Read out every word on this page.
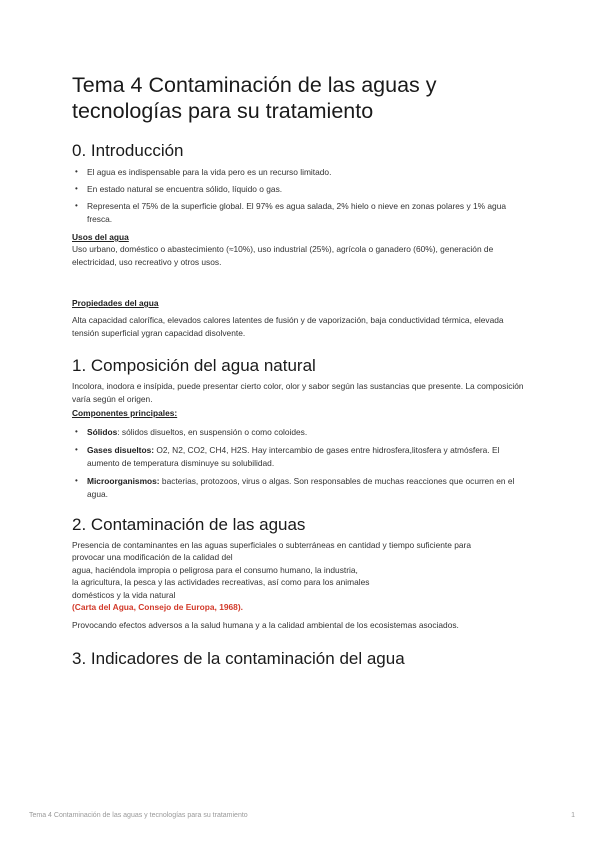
Tema 4 Contaminación de las aguas y tecnologías para su tratamiento
0. Introducción
• El agua es indispensable para la vida pero es un recurso limitado.
• En estado natural se encuentra sólido, líquido o gas.
• Representa el 75% de la superficie global. El 97% es agua salada, 2% hielo o nieve en zonas polares y 1% agua fresca.

Usos del agua

Uso urbano, doméstico o abastecimiento (≈10%), uso industrial (25%), agrícola o ganadero (60%), generación de electricidad, uso recreativo y otros usos.

Propiedades del agua

Alta capacidad calorífica, elevados calores latentes de fusión y de vaporización, baja conductividad térmica, elevada tensión superficial ygran capacidad disolvente.

1. Composición del agua natural

Incolora, inodora e insípida, puede presentar cierto color, olor y sabor según las sustancias que presente. La composición varía según el origen.

Componentes principales:

• Sólidos: sólidos disueltos, en suspensión o como coloides.
• Gases disueltos: O2, N2, CO2, CH4, H2S. Hay intercambio de gases entre hidrosfera,litosfera y atmósfera. El aumento de temperatura disminuye su solubilidad.
• Microorganismos: bacterias, protozoos, virus o algas. Son responsables de muchas reacciones que ocurren en el agua.
2. Contaminación de las aguas

Presencia de contaminantes en las aguas superficiales o subterráneas en cantidad y tiempo suficiente para

provocar una modificación de la calidad del

agua, haciéndola impropia o peligrosa para el consumo humano, la industria,

la agricultura, la pesca y las actividades recreativas, así como para los animales

domésticos y la vida natural

(Carta del Agua, Consejo de Europa, 1968).

Provocando efectos adversos a la salud humana y a la calidad ambiental de los ecosistemas asociados.

3. Indicadores de la contaminación del agua
Tema 4 Contaminación de las aguas y tecnologías para su tratamiento	1
